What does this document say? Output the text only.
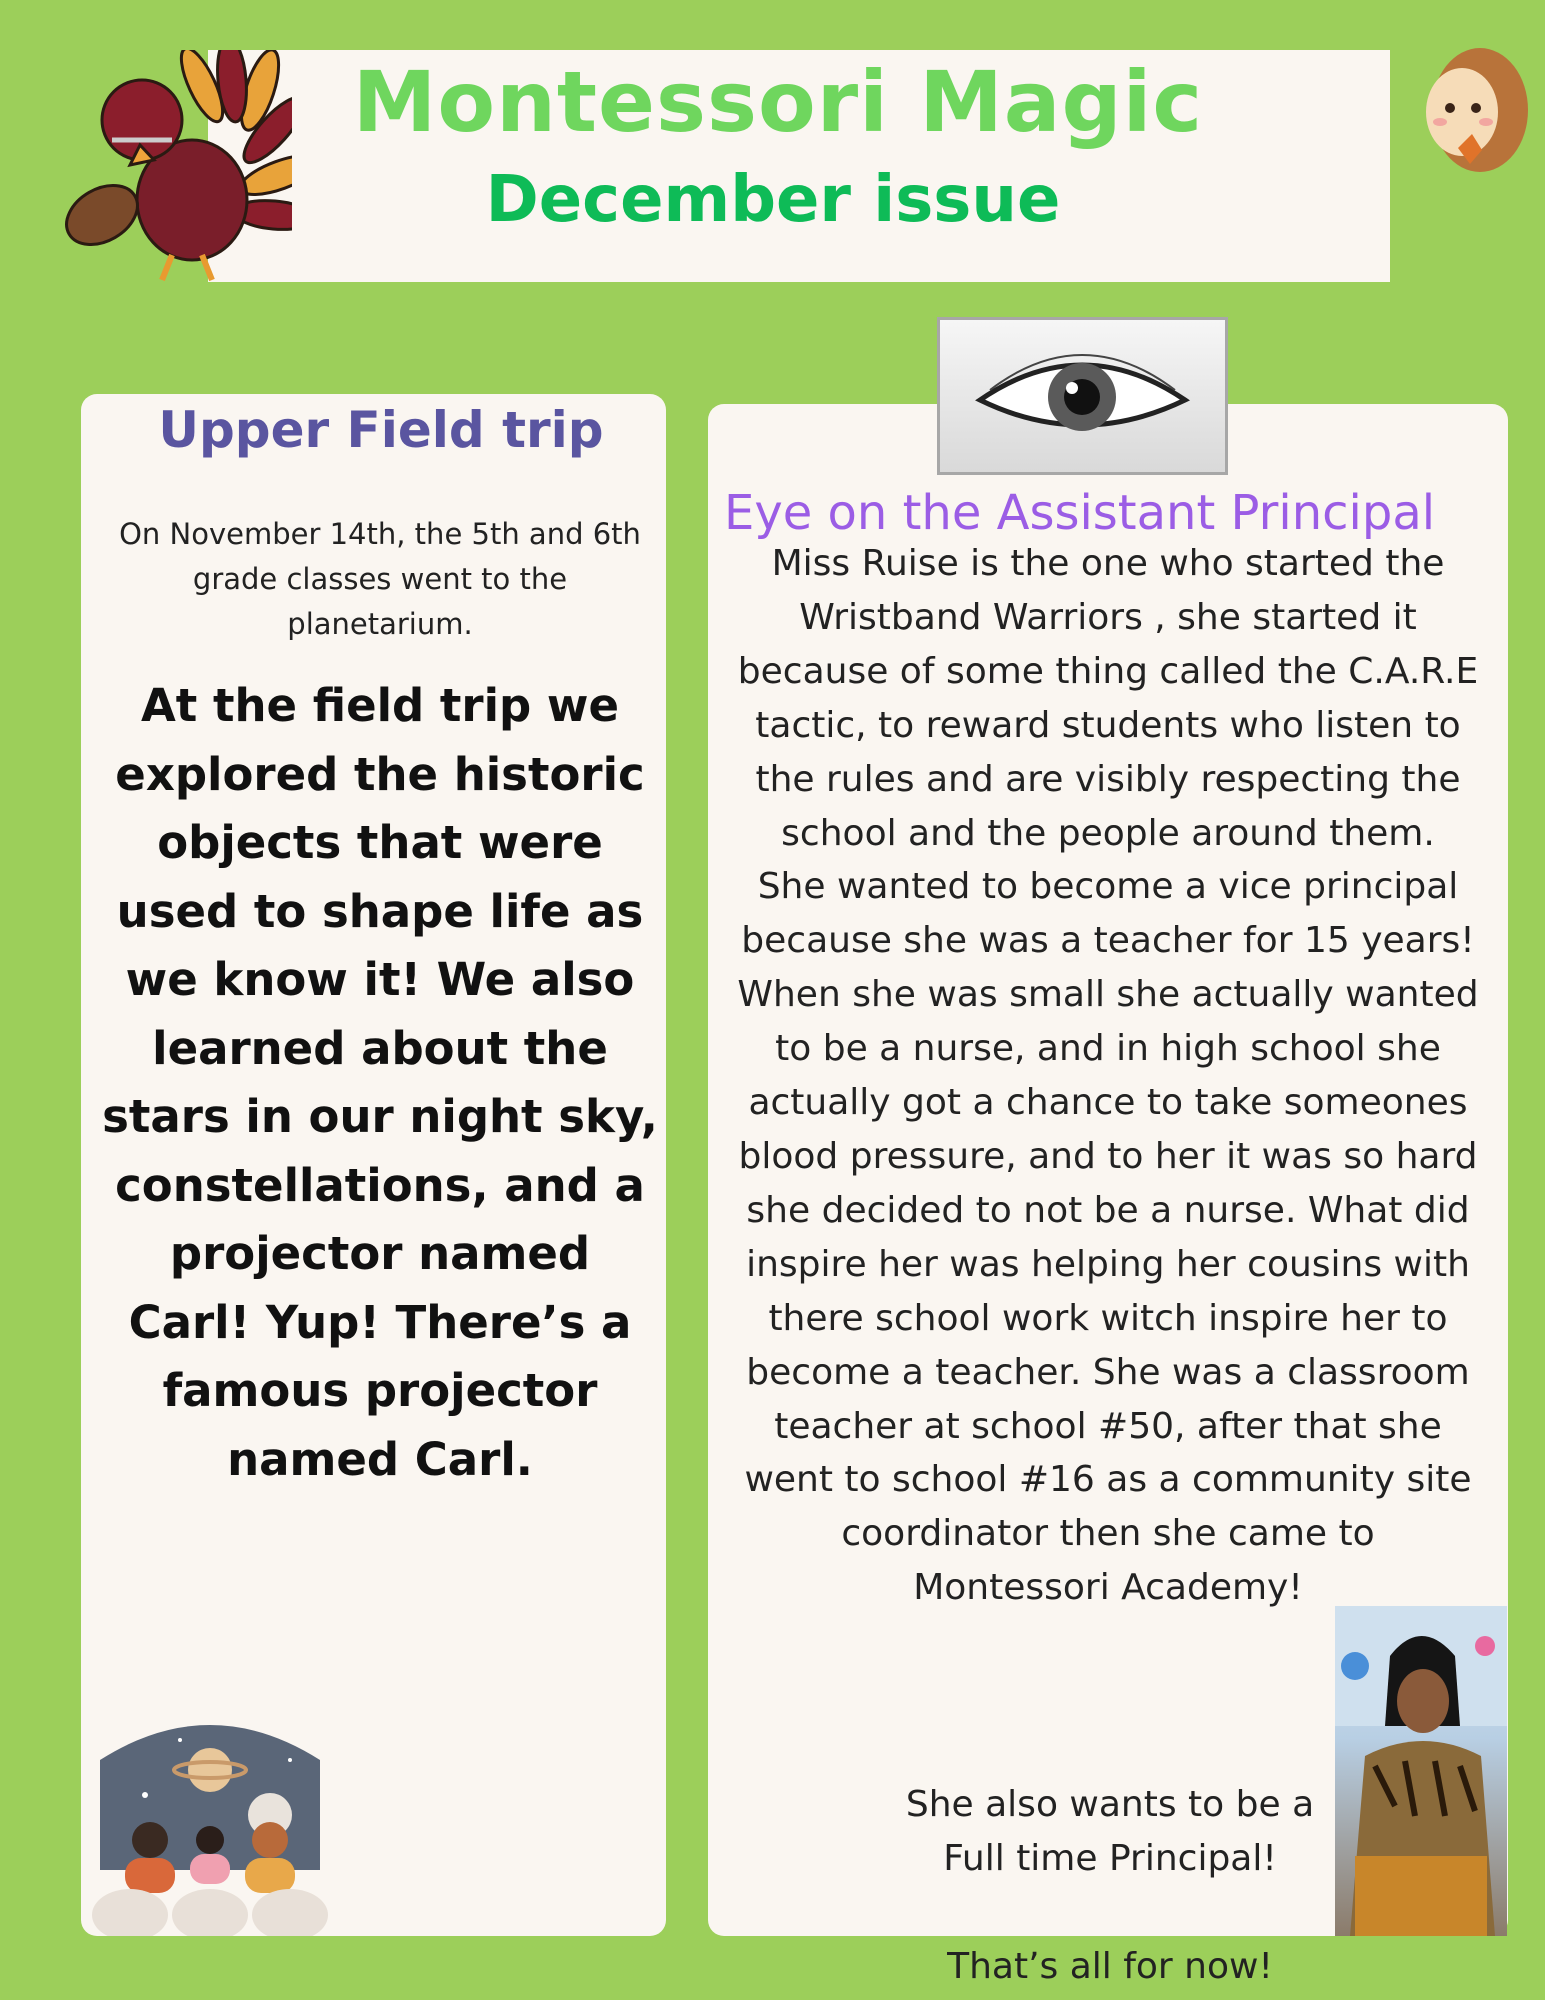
Montessori Magic
December issue
Upper Field trip
On November 14th, the 5th and 6th
grade classes went to the
planetarium.
At the field trip we
explored the historic
objects that were
used to shape life as
we know it! We also
learned about the
stars in our night sky,
constellations, and a
projector named
Carl! Yup! There’s a
famous projector
named Carl.
Eye on the Assistant Principal
Miss Ruise is the one who started the
Wristband Warriors , she started it
because of some thing called the C.A.R.E
tactic, to reward students who listen to
the rules and are visibly respecting the
school and the people around them.
She wanted to become a vice principal
because she was a teacher for 15 years!
When she was small she actually wanted
to be a nurse, and in high school she
actually got a chance to take someones
blood pressure, and to her it was so hard
she decided to not be a nurse. What did
inspire her was helping her cousins with
there school work witch inspire her to
become a teacher. She was a classroom
teacher at school #50, after that she
went to school #16 as a community site
coordinator then she came to
Montessori Academy!
She also wants to be a
Full time Principal!

That’s all for now!
